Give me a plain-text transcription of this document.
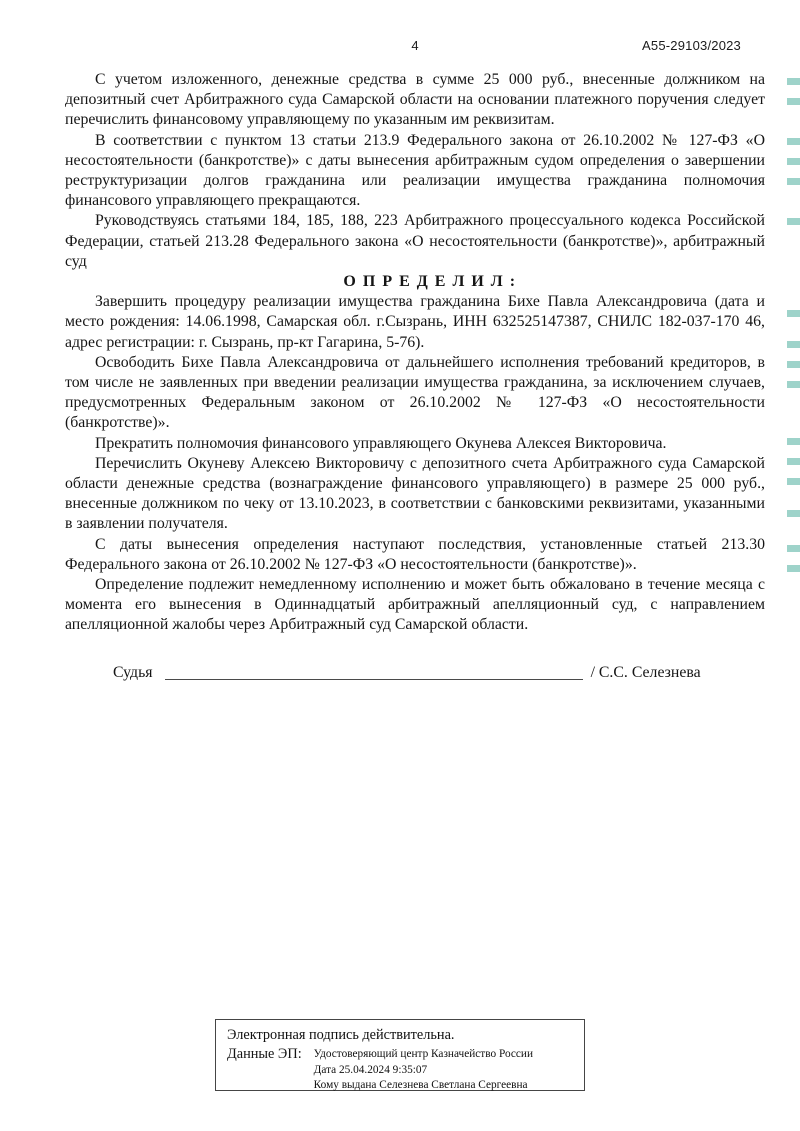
4	А55-29103/2023

С учетом изложенного, денежные средства в сумме 25 000 руб., внесенные должником на депозитный счет Арбитражного суда Самарской области на основании платежного поручения следует перечислить финансовому управляющему по указанным им реквизитам.

В соответствии с пунктом 13 статьи 213.9 Федерального закона от 26.10.2002 № 127-ФЗ «О несостоятельности (банкротстве)» с даты вынесения арбитражным судом определения о завершении реструктуризации долгов гражданина или реализации имущества гражданина полномочия финансового управляющего прекращаются.

Руководствуясь статьями 184, 185, 188, 223 Арбитражного процессуального кодекса Российской Федерации, статьей 213.28 Федерального закона «О несостоятельности (банкротстве)», арбитражный суд

О П Р Е Д Е Л И Л :

Завершить процедуру реализации имущества гражданина Бихе Павла Александровича (дата и место рождения: 14.06.1998, Самарская обл. г.Сызрань, ИНН 632525147387, СНИЛС 182-037-170 46, адрес регистрации: г. Сызрань, пр-кт Гагарина, 5-76).

Освободить Бихе Павла Александровича от дальнейшего исполнения требований кредиторов, в том числе не заявленных при введении реализации имущества гражданина, за исключением случаев, предусмотренных Федеральным законом от 26.10.2002 № 127-ФЗ «О несостоятельности (банкротстве)».

Прекратить полномочия финансового управляющего Окунева Алексея Викторовича.

Перечислить Окуневу Алексею Викторовичу с депозитного счета Арбитражного суда Самарской области денежные средства (вознаграждение финансового управляющего) в размере 25 000 руб., внесенные должником по чеку от 13.10.2023, в соответствии с банковскими реквизитами, указанными в заявлении получателя.

С даты вынесения определения наступают последствия, установленные статьей 213.30 Федерального закона от 26.10.2002 № 127-ФЗ «О несостоятельности (банкротстве)».

Определение подлежит немедленному исполнению и может быть обжаловано в течение месяца с момента его вынесения в Одиннадцатый арбитражный апелляционный суд, с направлением апелляционной жалобы через Арбитражный суд Самарской области.

Судья	/ С.С. Селезнева
Электронная подпись действительна.
Данные ЭП: Удостоверяющий центр Казначейство России
Дата 25.04.2024 9:35:07
Кому выдана Селезнева Светлана Сергеевна
